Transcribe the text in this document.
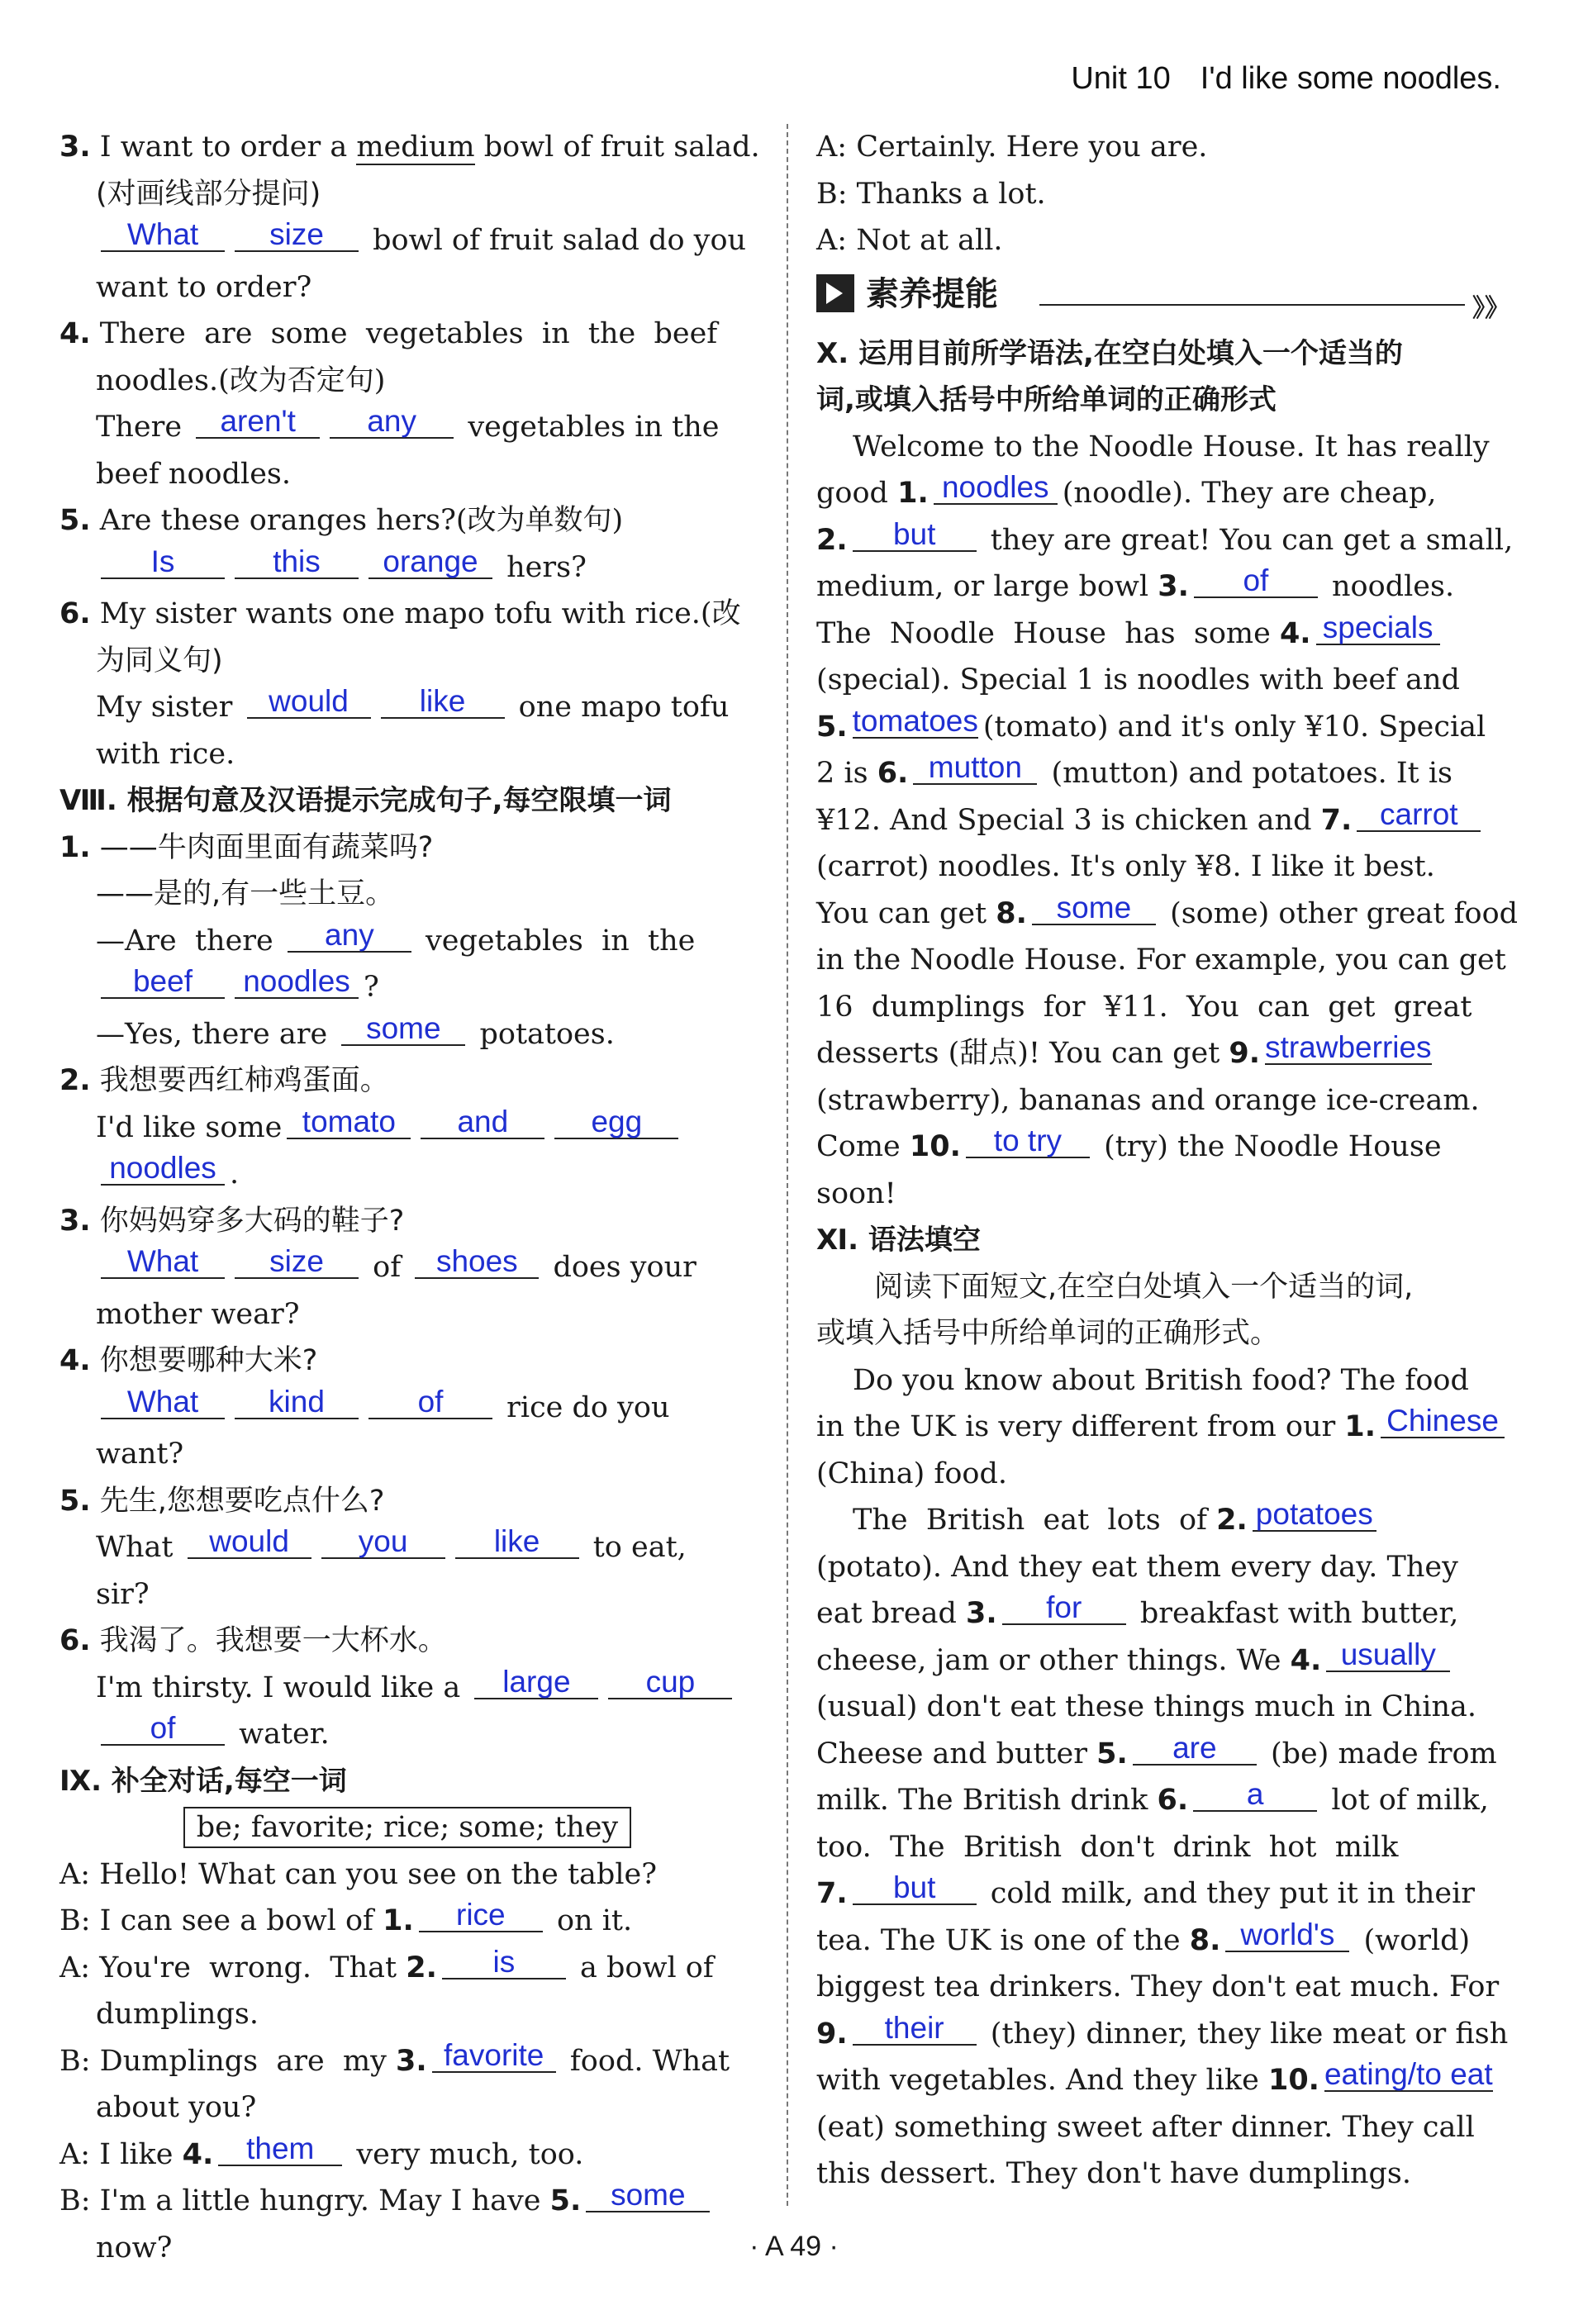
Unit 10 I'd like some noodles.
3. I want to order a medium bowl of fruit salad.
(对画线部分提问)
What size bowl of fruit salad do you
want to order?
4. There  are  some  vegetables  in  the  beef
noodles.(改为否定句)
There aren't any vegetables in the
beef noodles.
5. Are these oranges hers?(改为单数句)
Is	this orange hers?
6. My sister wants one mapo tofu with rice.(改
为同义句)
My sister would like one mapo tofu
with rice.
Ⅷ. 根据句意及汉语提示完成句子,每空限填一词
1. ——牛肉面里面有蔬菜吗?
——是的,有一些土豆。
—Are  there any vegetables  in  the
beef noodles ?
—Yes, there are some potatoes.
2. 我想要西红柿鸡蛋面。
I'd like some tomato and	egg
noodles .
3. 你妈妈穿多大码的鞋子?
What size of shoes does your
mother wear?
4. 你想要哪种大米?
What kind	of rice do you
want?
5. 先生,您想要吃点什么?
What would you	like to eat,
sir?
6. 我渴了。我想要一大杯水。
I'm thirsty. I would like a large cup
of water.
Ⅸ. 补全对话,每空一词
be; favorite; rice; some; they
A: Hello! What can you see on the table?
B: I can see a bowl of 1. rice on it.
A: You're  wrong.  That 2. is a bowl of
dumplings.
B: Dumplings  are  my 3. favorite food. What
about you?
A: I like 4. them very much, too.
B: I'm a little hungry. May I have 5. some
now?
A: Certainly. Here you are.
B: Thanks a lot.
A: Not at all.
素养提能	》》
Ⅹ. 运用目前所学语法,在空白处填入一个适当的
词,或填入括号中所给单词的正确形式
Welcome to the Noodle House. It has really
good 1. noodles (noodle). They are cheap,
2. but they are great! You can get a small,
medium, or large bowl 3. of noodles.
The  Noodle  House  has  some 4. specials
(special). Special 1 is noodles with beef and
5. tomatoes (tomato) and it's only ¥10. Special
2 is 6. mutton (mutton) and potatoes. It is
¥12. And Special 3 is chicken and 7. carrot
(carrot) noodles. It's only ¥8. I like it best.
You can get 8. some (some) other great food
in the Noodle House. For example, you can get
16  dumplings  for  ¥11.  You  can  get  great
desserts (甜点)! You can get 9. strawberries
(strawberry), bananas and orange ice-cream.
Come 10. to try (try) the Noodle House
soon!
Ⅺ. 语法填空
阅读下面短文,在空白处填入一个适当的词,
或填入括号中所给单词的正确形式。
Do you know about British food? The food
in the UK is very different from our 1. Chinese
(China) food.
The  British  eat  lots  of 2. potatoes
(potato). And they eat them every day. They
eat bread 3. for breakfast with butter,
cheese, jam or other things. We 4. usually
(usual) don't eat these things much in China.
Cheese and butter 5. are (be) made from
milk. The British drink 6. a lot of milk,
too.  The  British  don't  drink  hot  milk
7. but cold milk, and they put it in their
tea. The UK is one of the 8. world's (world)
biggest tea drinkers. They don't eat much. For
9. their (they) dinner, they like meat or fish
with vegetables. And they like 10. eating/to eat
(eat) something sweet after dinner. They call
this dessert. They don't have dumplings.
· A 49 ·
